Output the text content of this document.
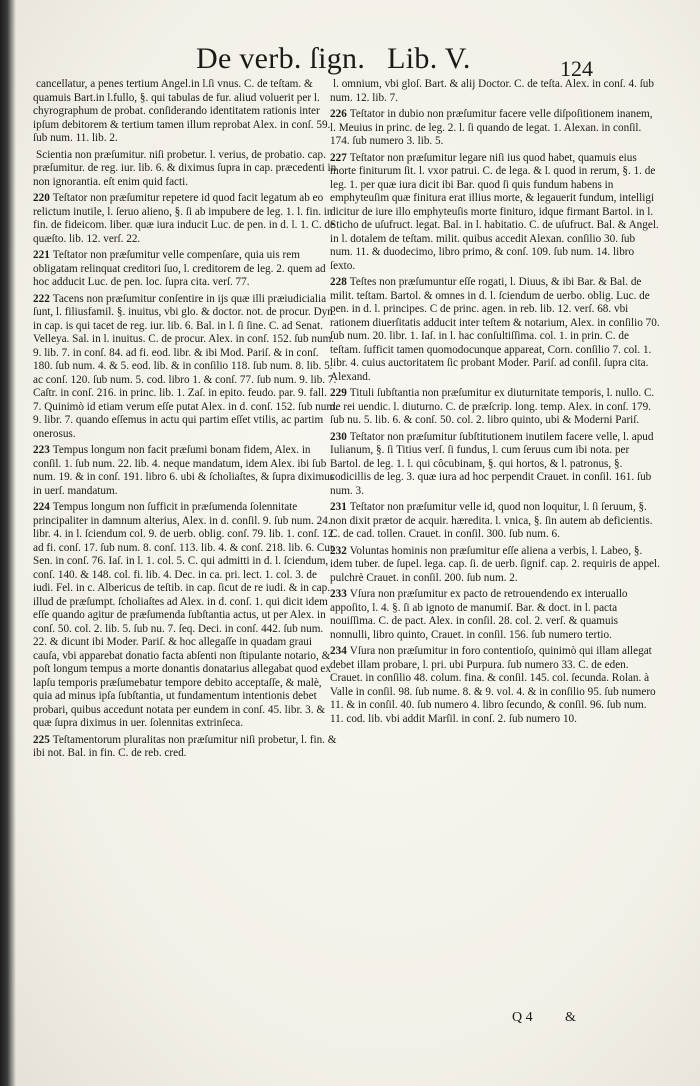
De verb. ſign. Lib. V.	124

cancellatur, a penes tertium Angel.in l.ſi vnus. C. de teſtam. & quamuis Bart.in l.fullo, §. qui tabulas de fur. aliud voluerit per l. chyrographum de probat. conſiderando identitatem rationis inter ipſum debitorem & tertium tamen illum reprobat Alex. in conſ. 59. ſub num. 11. lib. 2.

Scientia non præſumitur. niſi probetur. l. verius, de probatio. cap. præſumitur. de reg. iur. lib. 6. & diximus ſupra in cap. præcedenti in non ignorantia. eſt enim quid facti.

220 Teſtator non præſumitur repetere id quod facit legatum ab eo relictum inutile, l. ſeruo alieno, §. ſi ab impubere de leg. 1. l. fin. in fin. de fideicom. liber. quæ iura inducit Luc. de pen. in d. l. 1. C. de quæſto. lib. 12. verſ. 22.

221 Teſtator non præſumitur velle compenſare, quia uis rem obligatam relinquat creditori ſuo, l. creditorem de leg. 2. quem ad hoc adducit Luc. de pen. loc. ſupra cita. verſ. 77.

222 Tacens non præſumitur conſentire in ijs quæ illi præiudicialia ſunt, l. filiusfamil. §. inuitus, vbi glo. & doctor. not. de procur. Dyn. in cap. is qui tacet de reg. iur. lib. 6. Bal. in l. ſi ſine. C. ad Senat. Velleya. Sal. in l. inuitus. C. de procur. Alex. in conſ. 152. ſub num. 9. lib. 7. in conſ. 84. ad fi. eod. libr. & ibi Mod. Pariſ. & in conſ. 180. ſub num. 4. & 5. eod. lib. & in conſilio 118. ſub num. 8. lib. 5. ac conſ. 120. ſub num. 5. cod. libro 1. & conſ. 77. ſub num. 9. lib. 7. Caſtr. in conſ. 216. in princ. lib. 1. Zaſ. in epito. feudo. par. 9. fall. 7. Quinimò id etiam verum eſſe putat Alex. in d. conſ. 152. ſub num. 9. libr. 7. quando eſſemus in actu qui partim eſſet vtilis, ac partim onerosus.

223 Tempus longum non facit præſumi bonam fidem, Alex. in conſil. 1. ſub num. 22. lib. 4. neque mandatum, idem Alex. ibi ſub num. 19. & in conſ. 191. libro 6. ubi & ſcholiaſtes, & ſupra diximus in uerſ. mandatum.

224 Tempus longum non ſufficit in præſumenda ſolennitate principaliter in damnum alterius, Alex. in d. conſil. 9. ſub num. 24. libr. 4. in l. ſciendum col. 9. de uerb. oblig. conſ. 79. lib. 1. conſ. 12. ad fi. conſ. 17. ſub num. 8. conſ. 113. lib. 4. & conſ. 218. lib. 6. Cur. Sen. in conſ. 76. Iaſ. in l. 1. col. 5. C. qui admitti in d. l. ſciendum, conſ. 140. & 148. col. fi. lib. 4. Dec. in ca. pri. lect. 1. col. 3. de iudi. Fel. in c. Albericus de teſtib. in cap. ſicut de re iudi. & in cap. illud de præſumpt. ſcholiaſtes ad Alex. in d. conſ. 1. qui dicit idem eſſe quando agitur de præſumenda ſubſtantia actus, ut per Alex. in conſ. 50. col. 2. lib. 5. ſub nu. 7. ſeq. Deci. in conſ. 442. ſub num. 22. & dicunt ibi Moder. Pariſ. & hoc allegaſſe in quadam graui cauſa, vbi apparebat donatio facta abſenti non ſtipulante notario, & poſt longum tempus a morte donantis donatarius allegabat quod ex lapſu temporis præſumebatur tempore debito acceptaſſe, & malè, quia ad minus ipſa ſubſtantia, ut fundamentum intentionis debet probari, quibus accedunt notata per eundem in conſ. 45. libr. 3. & quæ ſupra diximus in uer. ſolennitas extrinſeca.

225 Teſtamentorum pluralitas non præſumitur niſi probetur, l. fin. & ibi not. Bal. in fin. C. de reb. cred.

l. omnium, vbi gloſ. Bart. & alij Doctor. C. de teſta. Alex. in conſ. 4. ſub num. 12. lib. 7.

226 Teſtator in dubio non præſumitur facere velle diſpoſitionem inanem, l. Meuius in princ. de leg. 2. l. ſi quando de legat. 1. Alexan. in conſil. 174. ſub numero 3. lib. 5.

227 Teſtator non præſumitur legare niſi ius quod habet, quamuis eius morte finiturum ſit. l. vxor patrui. C. de lega. & l. quod in rerum, §. 1. de leg. 1. per quæ iura dicit ibi Bar. quod ſi quis fundum habens in emphyteuſim quæ finitura erat illius morte, & legauerit fundum, intelligi dicitur de iure illo emphyteuſis morte finituro, idque firmant Bartol. in l. Sticho de uſufruct. legat. Bal. in l. habitatio. C. de uſufruct. Bal. & Angel. in l. dotalem de teſtam. milit. quibus accedit Alexan. conſilio 30. ſub num. 11. & duodecimo, libro primo, & conſ. 109. ſub num. 14. libro ſexto.

228 Teſtes non præſumuntur eſſe rogati, l. Diuus, & ibi Bar. & Bal. de milit. teſtam. Bartol. & omnes in d. l. ſciendum de uerbo. oblig. Luc. de pen. in d. l. principes. C de princ. agen. in reb. lib. 12. verſ. 68. vbi rationem diuerſitatis adducit inter teſtem & notarium, Alex. in conſilio 70. ſub num. 20. libr. 1. Iaſ. in l. hac conſultiſſima. col. 1. in prin. C. de teſtam. ſufficit tamen quomodocunque appareat, Corn. conſilio 7. col. 1. libr. 4. cuius auctoritatem ſic probant Moder. Pariſ. ad conſil. ſupra cita. Alexand.

229 Tituli ſubſtantia non præſumitur ex diuturnitate temporis, l. nullo. C. de rei uendic. l. diuturno. C. de præſcrip. long. temp. Alex. in conſ. 179. ſub nu. 5. lib. 6. & conſ. 50. col. 2. libro quinto, ubi & Moderni Pariſ.

230 Teſtator non præſumitur ſubſtitutionem inutilem facere velle, l. apud Iulianum, §. ſi Titius verſ. ſi fundus, l. cum ſeruus cum ibi nota. per Bartol. de leg. 1. l. qui côcubinam, §. qui hortos, & l. patronus, §. codicillis de leg. 3. quæ iura ad hoc perpendit Crauet. in conſil. 161. ſub num. 3.

231 Teſtator non præſumitur velle id, quod non loquitur, l. ſi ſeruum, §. non dixit prætor de acquir. hæredita. l. vnica, §. ſin autem ab deficientis. C. de cad. tollen. Crauet. in conſil. 300. ſub num. 6.

232 Voluntas hominis non præſumitur eſſe aliena a verbis, l. Labeo, §. idem tuber. de ſupel. lega. cap. ſi. de uerb. ſignif. cap. 2. requiris de appel. pulchrè Crauet. in conſil. 200. ſub num. 2.

233 Vſura non præſumitur ex pacto de retrouendendo ex interuallo appoſito, l. 4. §. ſi ab ignoto de manumiſ. Bar. & doct. in l. pacta nouiſſima. C. de pact. Alex. in conſil. 28. col. 2. verſ. & quamuis nonnulli, libro quinto, Crauet. in conſil. 156. ſub numero tertio.

234 Vſura non præſumitur in foro contentioſo, quinimò qui illam allegat debet illam probare, l. pri. ubi Purpura. ſub numero 33. C. de eden. Crauet. in conſilio 48. colum. fina. & conſil. 145. col. ſecunda. Rolan. à Valle in conſil. 98. ſub nume. 8. & 9. vol. 4. & in conſilio 95. ſub numero 11. & in conſil. 40. ſub numero 4. libro ſecundo, & conſil. 96. ſub num. 11. cod. lib. vbi addit Marſil. in conſ. 2. ſub numero 10.

Q 4 &
